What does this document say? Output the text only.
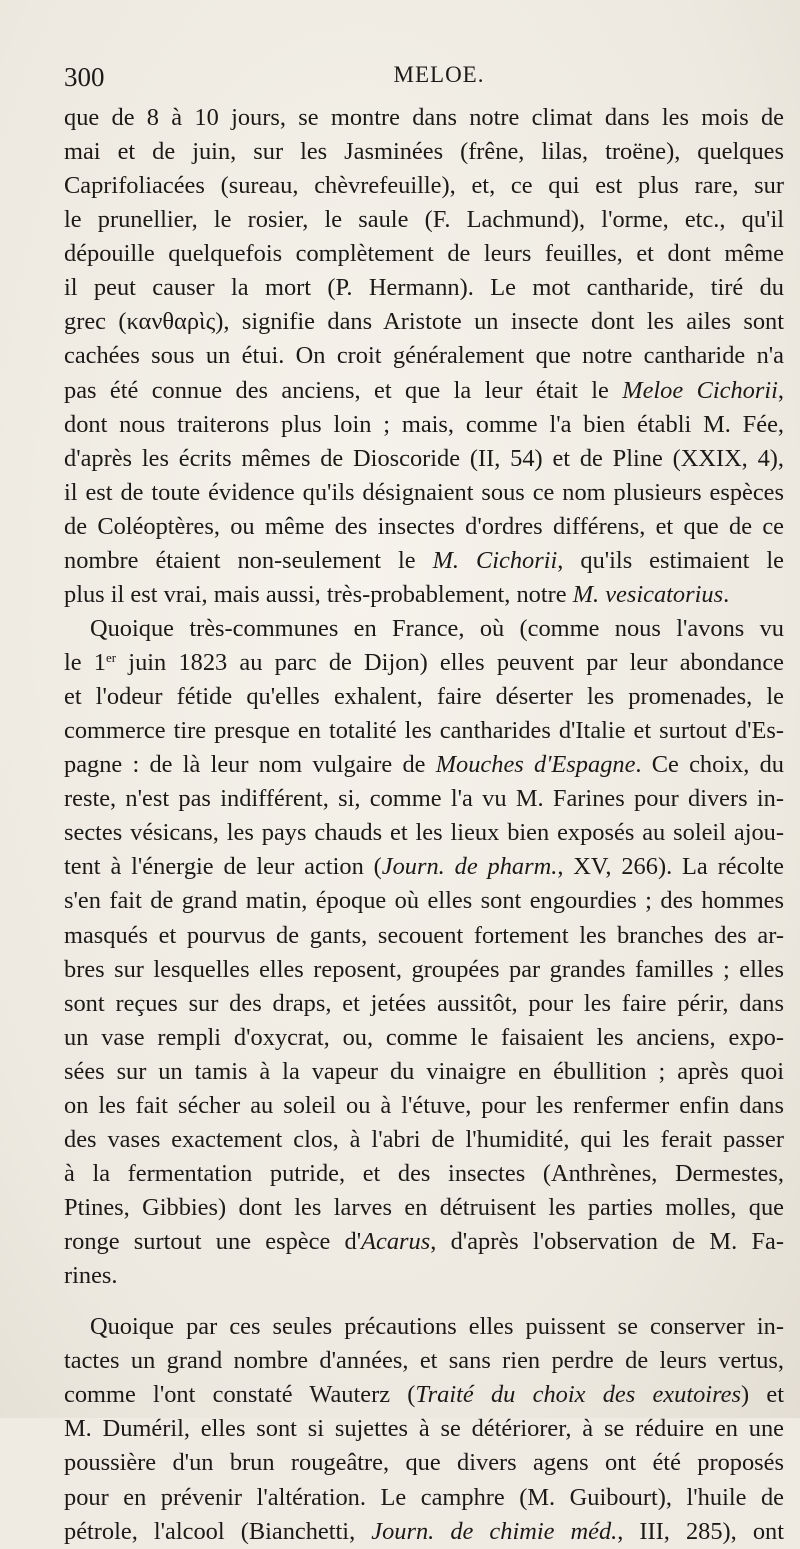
300	MELOE.
que de 8 à 10 jours, se montre dans notre climat dans les mois de
mai et de juin, sur les Jasminées (frêne, lilas, troëne), quelques
Caprifoliacées (sureau, chèvrefeuille), et, ce qui est plus rare, sur
le prunellier, le rosier, le saule (F. Lachmund), l'orme, etc., qu'il
dépouille quelquefois complètement de leurs feuilles, et dont même
il peut causer la mort (P. Hermann). Le mot cantharide, tiré du
grec (κανθαρὶς), signifie dans Aristote un insecte dont les ailes sont
cachées sous un étui. On croit généralement que notre cantharide n'a
pas été connue des anciens, et que la leur était le Meloe Cichorii,
dont nous traiterons plus loin ; mais, comme l'a bien établi M. Fée,
d'après les écrits mêmes de Dioscoride (II, 54) et de Pline (XXIX, 4),
il est de toute évidence qu'ils désignaient sous ce nom plusieurs espèces
de Coléoptères, ou même des insectes d'ordres différens, et que de ce
nombre étaient non-seulement le M. Cichorii, qu'ils estimaient le
plus il est vrai, mais aussi, très-probablement, notre M. vesicatorius.
Quoique très-communes en France, où (comme nous l'avons vu
le 1er juin 1823 au parc de Dijon) elles peuvent par leur abondance
et l'odeur fétide qu'elles exhalent, faire déserter les promenades, le
commerce tire presque en totalité les cantharides d'Italie et surtout d'Es-
pagne : de là leur nom vulgaire de Mouches d'Espagne. Ce choix, du
reste, n'est pas indifférent, si, comme l'a vu M. Farines pour divers in-
sectes vésicans, les pays chauds et les lieux bien exposés au soleil ajou-
tent à l'énergie de leur action (Journ. de pharm., XV, 266). La récolte
s'en fait de grand matin, époque où elles sont engourdies ; des hommes
masqués et pourvus de gants, secouent fortement les branches des ar-
bres sur lesquelles elles reposent, groupées par grandes familles ; elles
sont reçues sur des draps, et jetées aussitôt, pour les faire périr, dans
un vase rempli d'oxycrat, ou, comme le faisaient les anciens, expo-
sées sur un tamis à la vapeur du vinaigre en ébullition ; après quoi
on les fait sécher au soleil ou à l'étuve, pour les renfermer enfin dans
des vases exactement clos, à l'abri de l'humidité, qui les ferait passer
à la fermentation putride, et des insectes (Anthrènes, Dermestes,
Ptines, Gibbies) dont les larves en détruisent les parties molles, que
ronge surtout une espèce d'Acarus, d'après l'observation de M. Fa-
rines.
Quoique par ces seules précautions elles puissent se conserver in-
tactes un grand nombre d'années, et sans rien perdre de leurs vertus,
comme l'ont constaté Wauterz (Traité du choix des exutoires) et
M. Duméril, elles sont si sujettes à se détériorer, à se réduire en une
poussière d'un brun rougeâtre, que divers agens ont été proposés
pour en prévenir l'altération. Le camphre (M. Guibourt), l'huile de
pétrole, l'alcool (Bianchetti, Journ. de chimie méd., III, 285), ont
